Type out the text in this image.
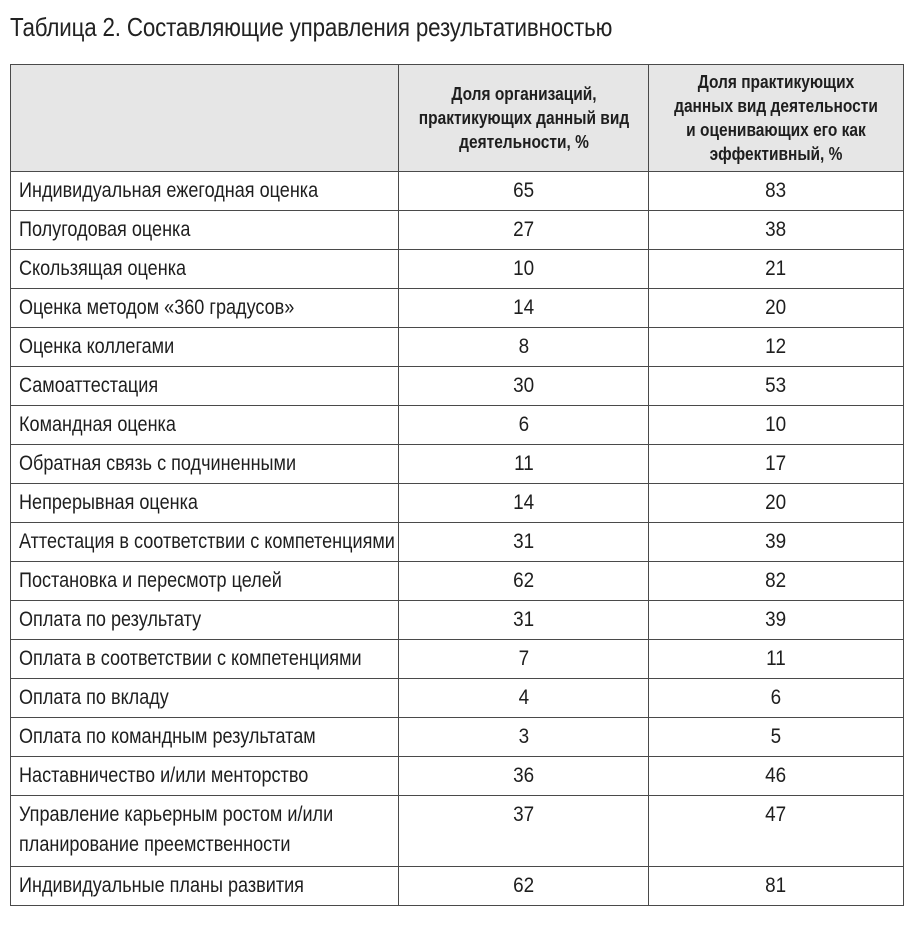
Таблица 2. Составляющие управления результативностью

	Доля организаций, практикующих данный вид деятельности, %	Доля практикующих данных вид деятельности и оценивающих его как эффективный, %

Индивидуальная ежегодная оценка	65	83
Полугодовая оценка	27	38
Скользящая оценка	10	21
Оценка методом «360 градусов»	14	20
Оценка коллегами	8	12
Самоаттестация	30	53
Командная оценка	6	10
Обратная связь с подчиненными	11	17
Непрерывная оценка	14	20
Аттестация в соответствии с компетенциями	31	39
Постановка и пересмотр целей	62	82
Оплата по результату	31	39
Оплата в соответствии с компетенциями	7	11
Оплата по вкладу	4	6
Оплата по командным результатам	3	5
Наставничество и/или менторство	36	46
Управление карьерным ростом и/или планирование преемственности	37	47
Индивидуальные планы развития	62	81
